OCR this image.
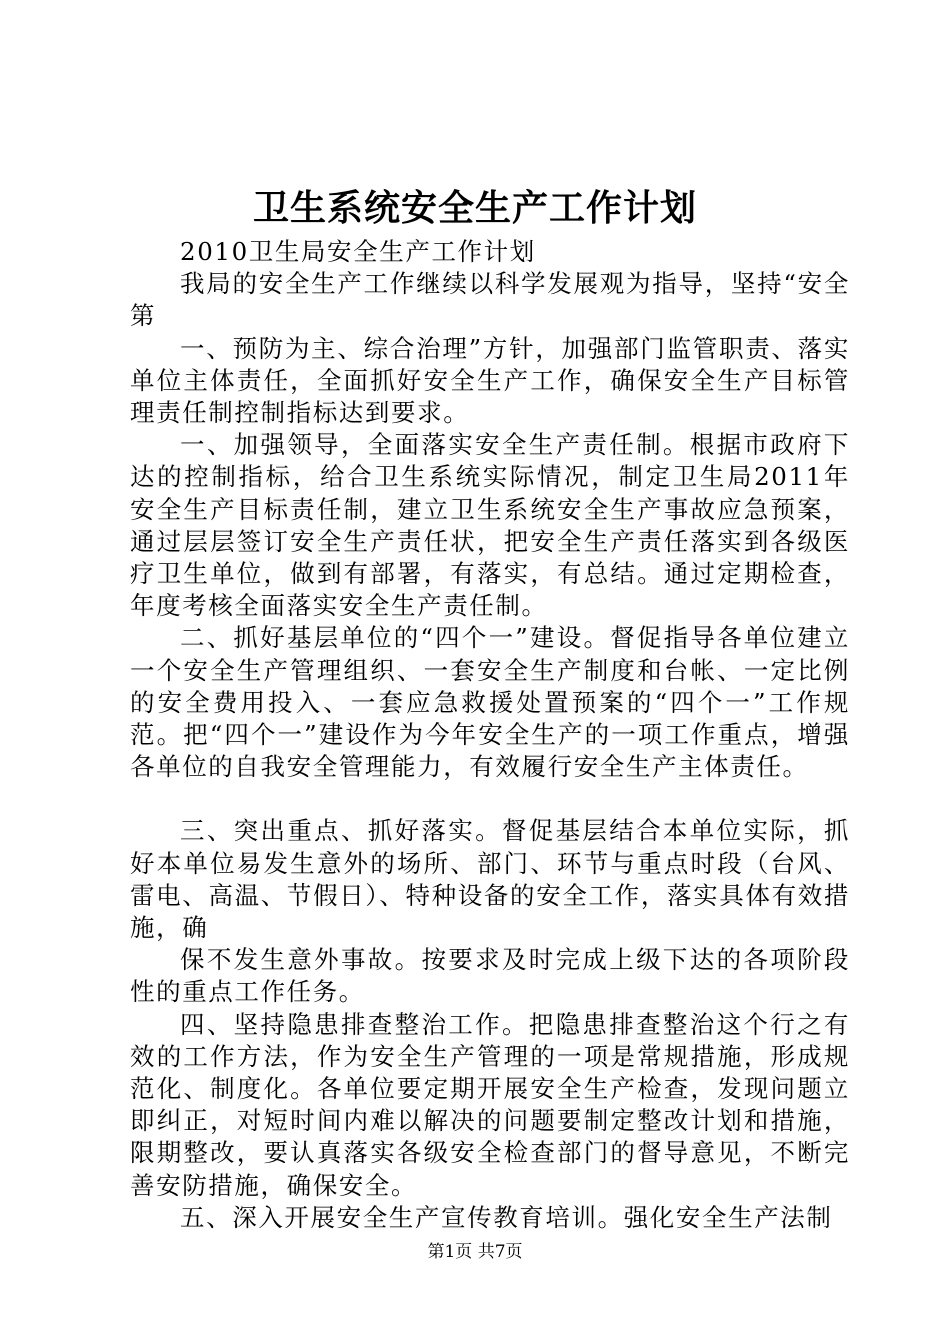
卫生系统安全生产工作计划

2010卫生局安全生产工作计划

我局的安全生产工作继续以科学发展观为指导，坚持“安全第

一、预防为主、综合治理”方针，加强部门监管职责、落实单位主体责任，全面抓好安全生产工作，确保安全生产目标管理责任制控制指标达到要求。

一、加强领导，全面落实安全生产责任制。根据市政府下达的控制指标，给合卫生系统实际情况，制定卫生局2011年安全生产目标责任制，建立卫生系统安全生产事故应急预案，通过层层签订安全生产责任状，把安全生产责任落实到各级医疗卫生单位，做到有部署，有落实，有总结。通过定期检查，年度考核全面落实安全生产责任制。

二、抓好基层单位的“四个一”建设。督促指导各单位建立一个安全生产管理组织、一套安全生产制度和台帐、一定比例的安全费用投入、一套应急救援处置预案的“四个一”工作规范。把“四个一”建设作为今年安全生产的一项工作重点，增强各单位的自我安全管理能力，有效履行安全生产主体责任。

三、突出重点、抓好落实。督促基层结合本单位实际，抓好本单位易发生意外的场所、部门、环节与重点时段（台风、雷电、高温、节假日）、特种设备的安全工作，落实具体有效措施，确

保不发生意外事故。按要求及时完成上级下达的各项阶段性的重点工作任务。

四、坚持隐患排查整治工作。把隐患排查整治这个行之有效的工作方法，作为安全生产管理的一项是常规措施，形成规范化、制度化。各单位要定期开展安全生产检查，发现问题立即纠正，对短时间内难以解决的问题要制定整改计划和措施，限期整改，要认真落实各级安全检查部门的督导意见，不断完善安防措施，确保安全。

五、深入开展安全生产宣传教育培训。强化安全生产法制

第1页 共7页
